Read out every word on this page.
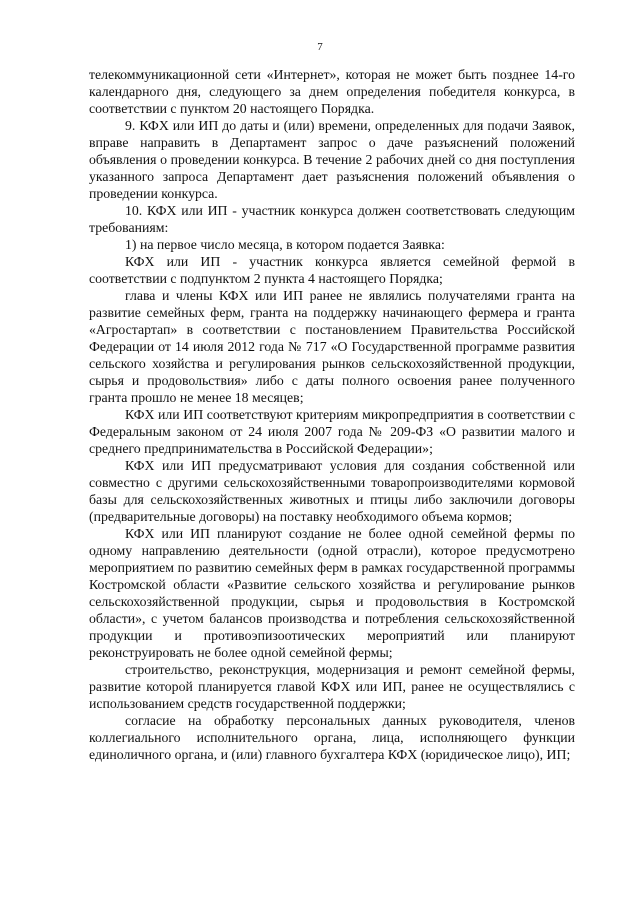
7

телекоммуникационной сети «Интернет», которая не может быть позднее 14-го календарного дня, следующего за днем определения победителя конкурса, в соответствии с пунктом 20 настоящего Порядка.

9. КФХ или ИП до даты и (или) времени, определенных для подачи Заявок, вправе направить в Департамент запрос о даче разъяснений положений объявления о проведении конкурса. В течение 2 рабочих дней со дня поступления указанного запроса Департамент дает разъяснения положений объявления о проведении конкурса.

10. КФХ или ИП - участник конкурса должен соответствовать следующим требованиям:

1) на первое число месяца, в котором подается Заявка:

КФХ или ИП - участник конкурса является семейной фермой в соответствии с подпунктом 2 пункта 4 настоящего Порядка;

глава и члены КФХ или ИП ранее не являлись получателями гранта на развитие семейных ферм, гранта на поддержку начинающего фермера и гранта «Агростартап» в соответствии с постановлением Правительства Российской Федерации от 14 июля 2012 года № 717 «О Государственной программе развития сельского хозяйства и регулирования рынков сельскохозяйственной продукции, сырья и продовольствия» либо с даты полного освоения ранее полученного гранта прошло не менее 18 месяцев;

КФХ или ИП соответствуют критериям микропредприятия в соответствии с Федеральным законом от 24 июля 2007 года № 209-ФЗ «О развитии малого и среднего предпринимательства в Российской Федерации»;

КФХ или ИП предусматривают условия для создания собственной или совместно с другими сельскохозяйственными товаропроизводителями кормовой базы для сельскохозяйственных животных и птицы либо заключили договоры (предварительные договоры) на поставку необходимого объема кормов;

КФХ или ИП планируют создание не более одной семейной фермы по одному направлению деятельности (одной отрасли), которое предусмотрено мероприятием по развитию семейных ферм в рамках государственной программы Костромской области «Развитие сельского хозяйства и регулирование рынков сельскохозяйственной продукции, сырья и продовольствия в Костромской области», с учетом балансов производства и потребления сельскохозяйственной продукции и противоэпизоотических мероприятий или планируют реконструировать не более одной семейной фермы;

строительство, реконструкция, модернизация и ремонт семейной фермы, развитие которой планируется главой КФХ или ИП, ранее не осуществлялись с использованием средств государственной поддержки;

согласие на обработку персональных данных руководителя, членов коллегиального исполнительного органа, лица, исполняющего функции единоличного органа, и (или) главного бухгалтера КФХ (юридическое лицо), ИП;
